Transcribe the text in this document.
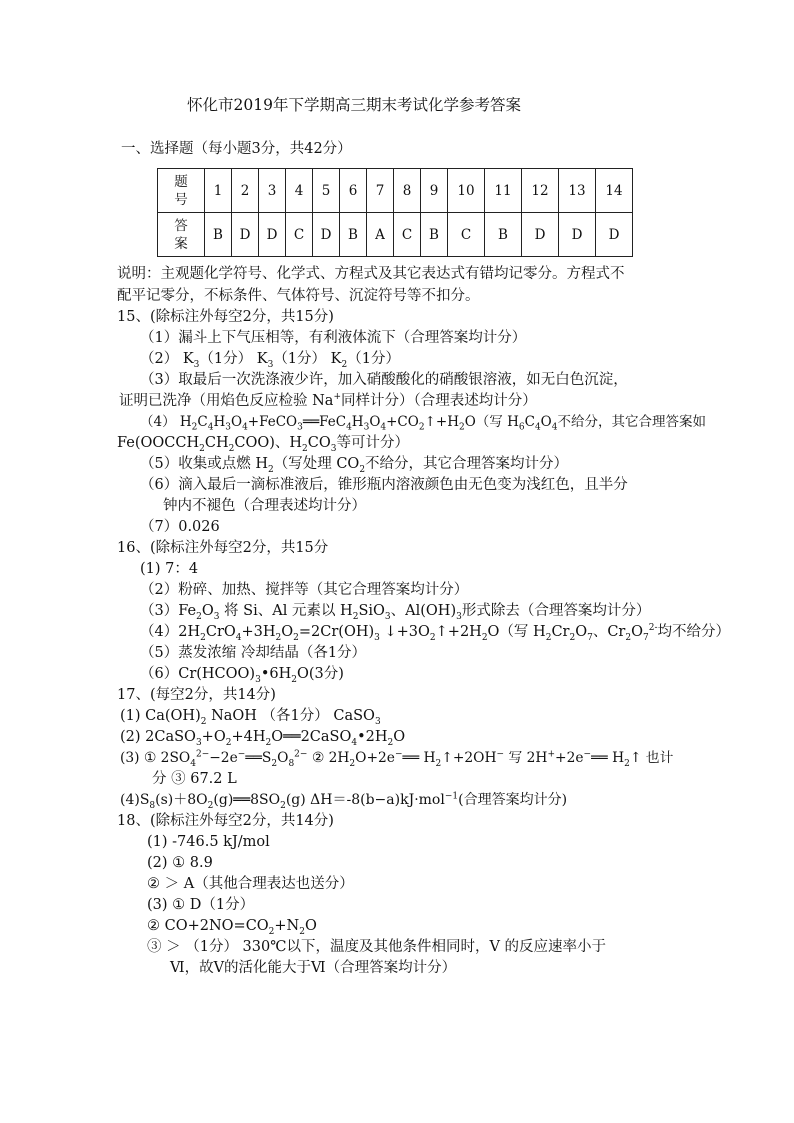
怀化市2019年下学期高三期末考试化学参考答案
一、选择题（每小题3分，共42分）
题
号	1	2	3	4	5	6	7	8	9	10	11	12	13	14
答
案	B	D	D	C	D	B	A	C	B	C	B	D	D	D
说明：主观题化学符号、化学式、方程式及其它表达式有错均记零分。方程式不
配平记零分，不标条件、气体符号、沉淀符号等不扣分。
15、(除标注外每空2分，共15分)
（1）漏斗上下气压相等，有利液体流下（合理答案均计分）
（2） $K_3(1$分） $K_3(1$分） $K_2(1$分）
（3）取最后一次洗涤液少许，加入硝酸酸化的硝酸银溶液，如无白色沉淀，
证明已洗净（用焰色反应检验 Na+同样计分）（合理表述均计分）
（4） $H_2C_4H_3O_4+FeCO_3══FeC_4H_3O_4+CO_2↑+H_2O$（写 $H_6C_4O_4$不给分，其它合理答案如
$Fe(OOCCH_2CH_2COO)$、$H_2CO_3$等可计分）
（5）收集或点燃 $H_2$（写处理 $CO_2$不给分，其它合理答案均计分）
（6）滴入最后一滴标准液后，锥形瓶内溶液颜色由无色变为浅红色，且半分
钟内不褪色（合理表述均计分）
（7）0.026
16、(除标注外每空2分，共15分
(1) 7：4
（2）粉碎、加热、搅拌等（其它合理答案均计分）
$(3)Fe_2O_3$ 将 Si、Al 元素以 $H_2SiO_3$、$Al(OH)_3$形式除去（合理答案均计分）
$(4)2H_2CrO_4+3H_2O_2=2Cr(OH)_3$ $↓+3O_2↑+2H_2O$（写 $H_2Cr_2O_7$、$Cr_2O_7^{2-}$均不给分）
（5）蒸发浓缩 冷却结晶（各1分）
$(6)Cr(HCOO)_3•6H_2O(3$分)
17、(每空2分，共14分)
(1) $Ca(OH)_2$ NaOH （各1分） CaSO$_3$
(2) $2CaSO_3+O_2+4H_2O══2CaSO_4•2H_2O$
(3) ① $2SO_4^{2-}-2e^-══S_2O_8^{2-}$ ② $2H_2O+2e^-══$ $H_2↑+2OH^-$ 写 2H++2e−══ $H_2↑$ 也计
分 ③ 67.2 L
$(4)S_8(s)+8O_2(g)══8SO_2(g)$ ΔH＝-8(b−a)kJ·mol$^{-1}$(合理答案均计分)
18、(除标注外每空2分，共14分)
(1) -746.5 kJ/mol
(2) ① 8.9
② ＞ A（其他合理表达也送分）
(3) ① D（1分）
② $CO+2NO=CO_2+N_2O$
③ ＞ （1分） 330℃以下，温度及其他条件相同时，Ⅴ 的反应速率小于
Ⅵ，故Ⅴ的活化能大于Ⅵ（合理答案均计分）
